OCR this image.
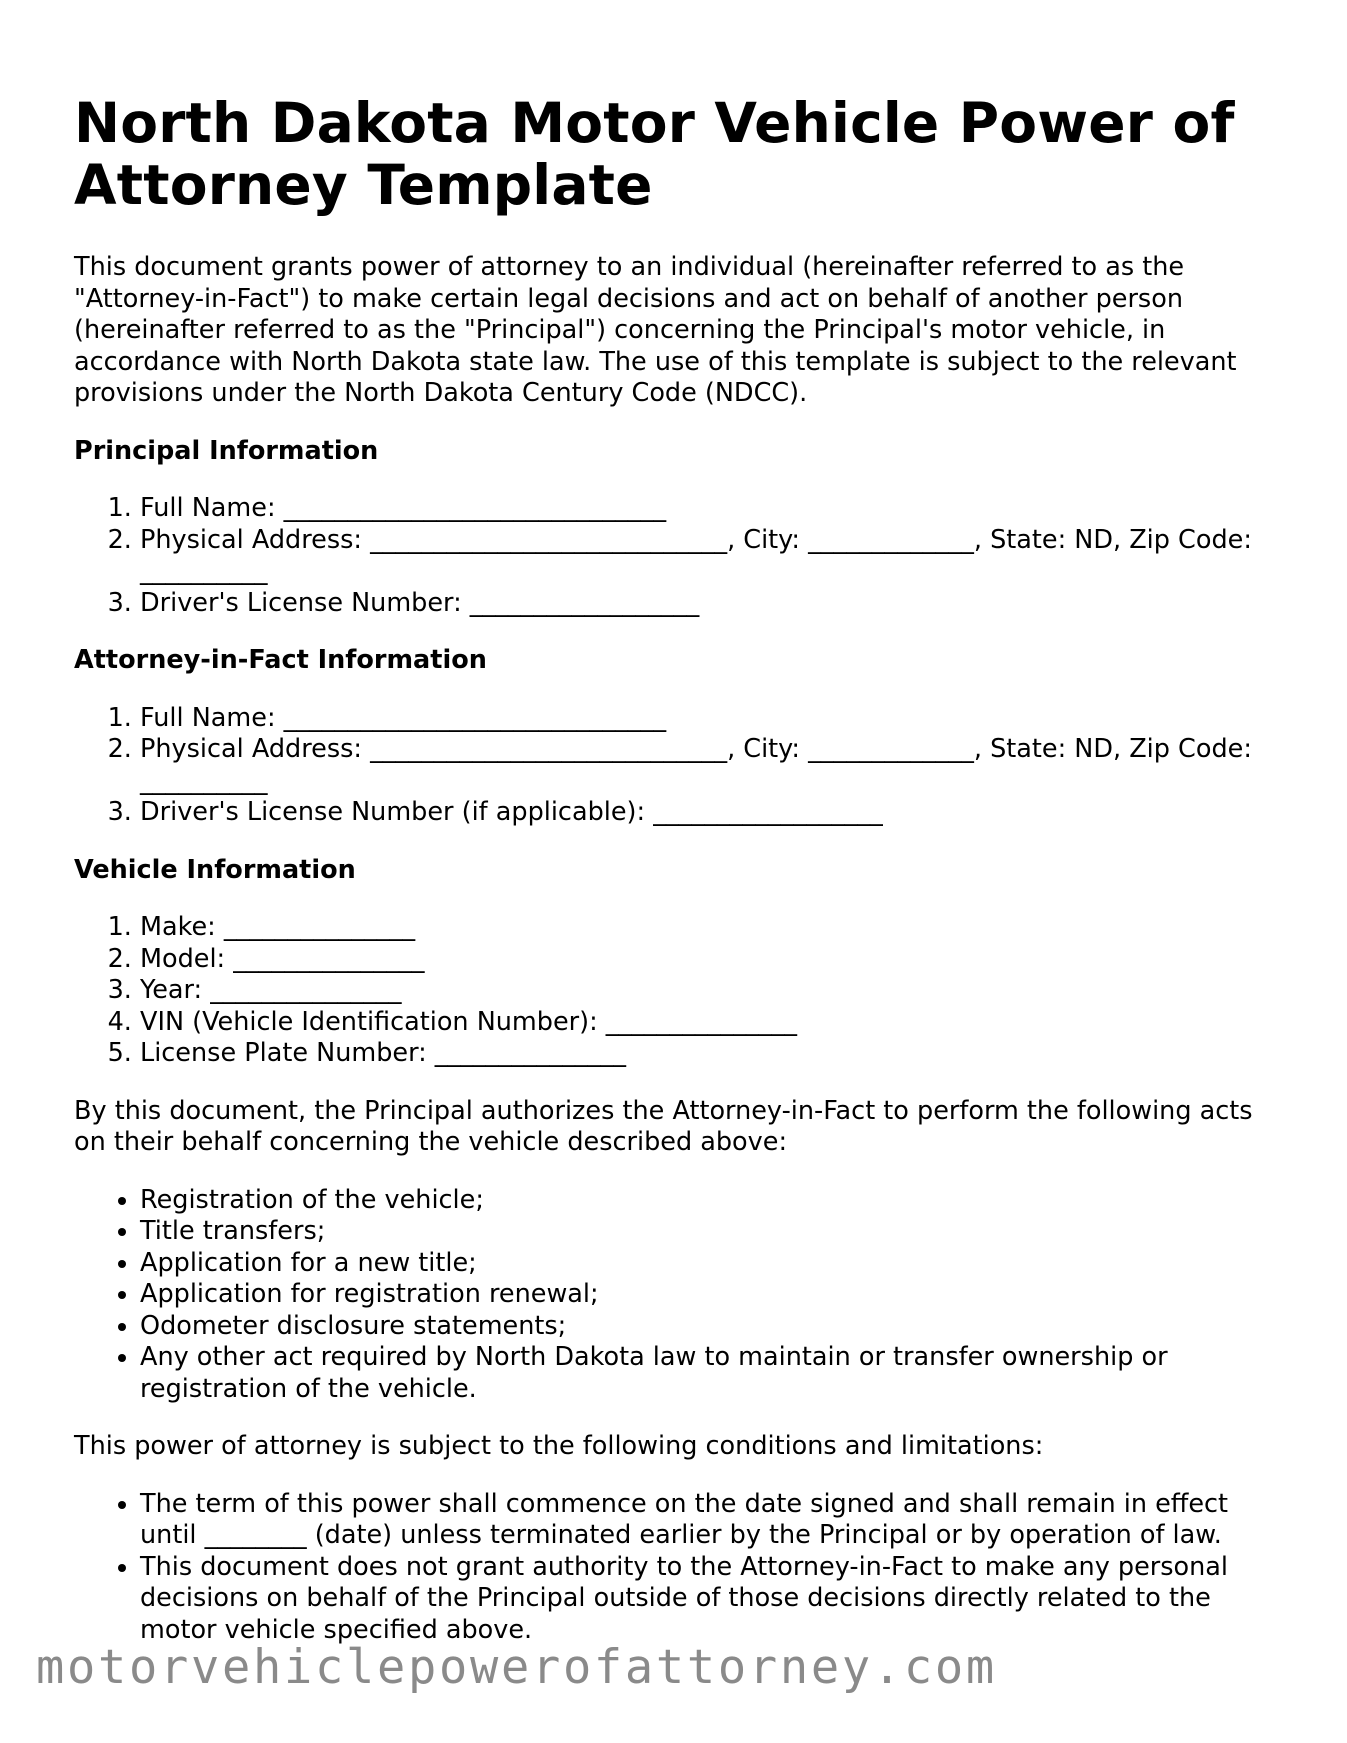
North Dakota Motor Vehicle Power of Attorney Template

This document grants power of attorney to an individual (hereinafter referred to as the "Attorney-in-Fact") to make certain legal decisions and act on behalf of another person (hereinafter referred to as the "Principal") concerning the Principal's motor vehicle, in accordance with North Dakota state law. The use of this template is subject to the relevant provisions under the North Dakota Century Code (NDCC).

Principal Information
1. Full Name: ______________________________
2. Physical Address: ____________________________, City: _____________, State: ND, Zip Code: __________
3. Driver's License Number: __________________
Attorney-in-Fact Information
1. Full Name: ______________________________
2. Physical Address: ____________________________, City: _____________, State: ND, Zip Code: __________
3. Driver's License Number (if applicable): __________________
Vehicle Information
1. Make: _______________
2. Model: _______________
3. Year: _______________
4. VIN (Vehicle Identification Number): _______________
5. License Plate Number: _______________

By this document, the Principal authorizes the Attorney-in-Fact to perform the following acts on their behalf concerning the vehicle described above:

• Registration of the vehicle;
• Title transfers;
• Application for a new title;
• Application for registration renewal;
• Odometer disclosure statements;
• Any other act required by North Dakota law to maintain or transfer ownership or registration of the vehicle.

This power of attorney is subject to the following conditions and limitations:

• The term of this power shall commence on the date signed and shall remain in effect until ________ (date) unless terminated earlier by the Principal or by operation of law.
• This document does not grant authority to the Attorney-in-Fact to make any personal decisions on behalf of the Principal outside of those decisions directly related to the motor vehicle specified above.
motorvehiclepowerofattorney.com
